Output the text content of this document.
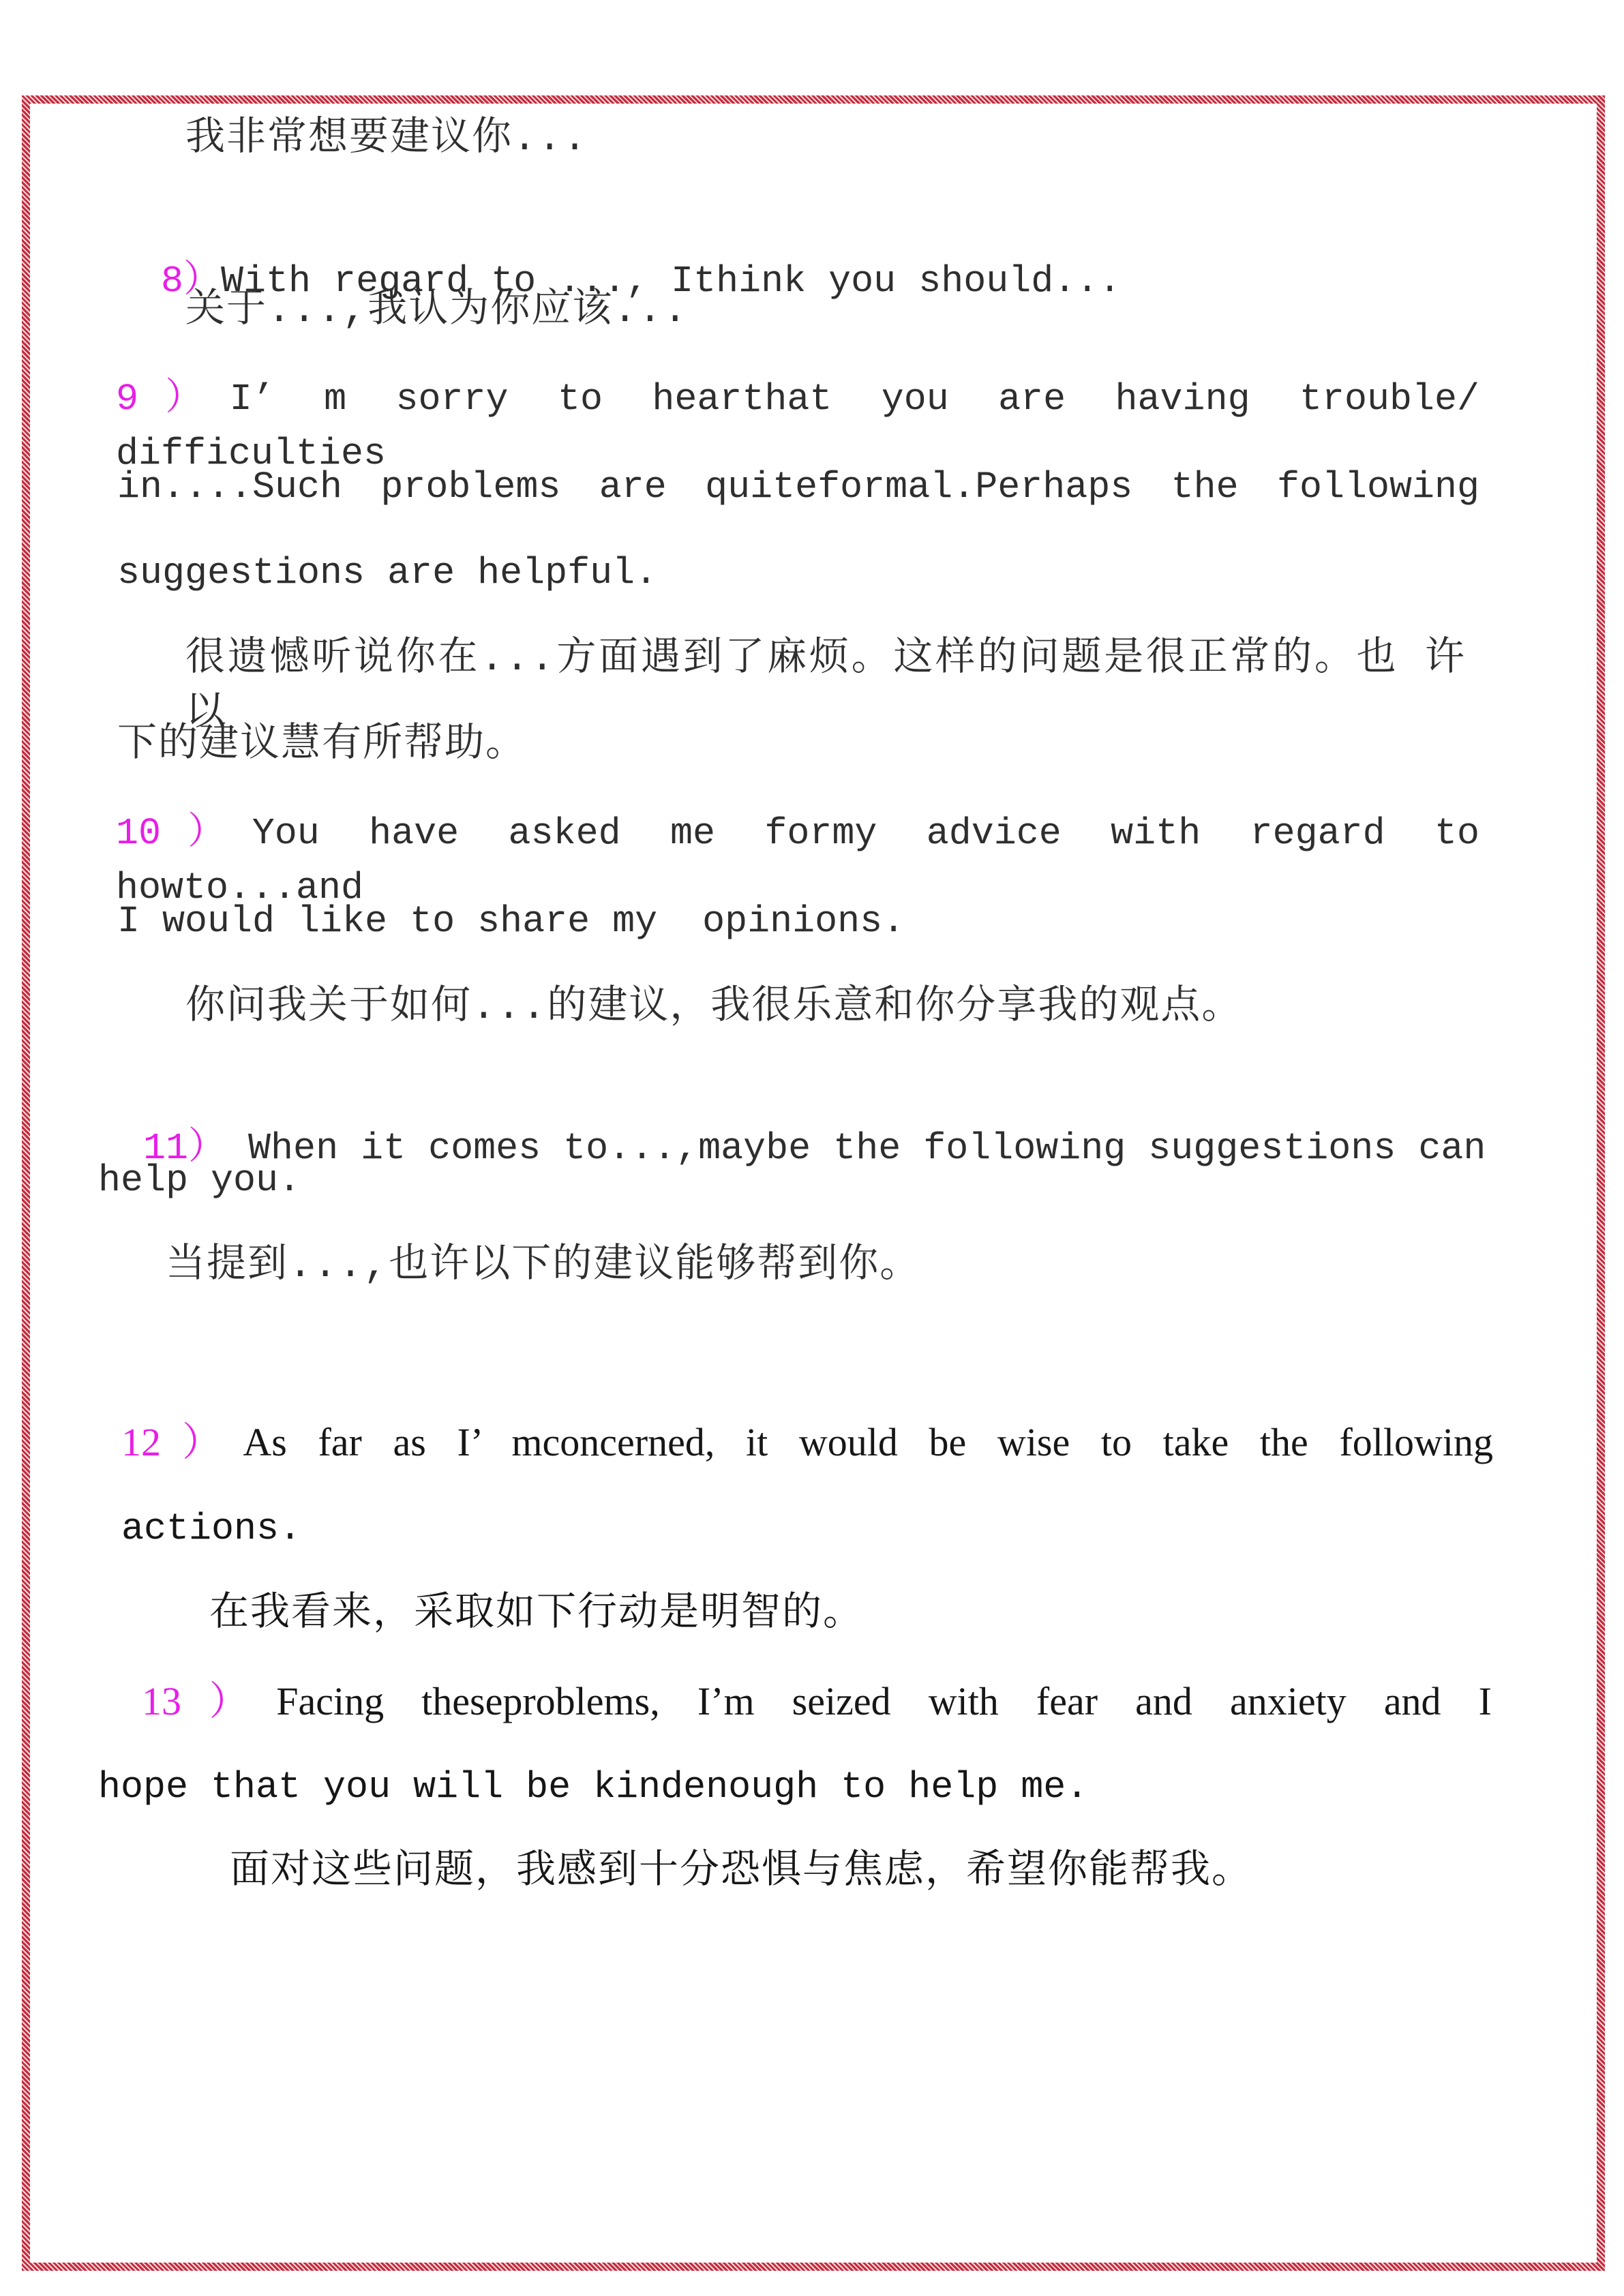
我非常想要建议你...

8）With regard to ..., Ithink you should...

关于...,我认为你应该...
9）I’ m sorry to hearthat you are having trouble/ difficulties
in....Such problems are quiteformal.Perhaps the following
suggestions are helpful.
很遗憾听说你在...方面遇到了麻烦。这样的问题是很正常的。也 许以
下的建议慧有所帮助。
10）You have asked me formy advice with regard to howto...and
I would like to share my  opinions.
你问我关于如何...的建议，我很乐意和你分享我的观点。

11） When it comes to...,maybe the following suggestions can

help you.
当提到...,也许以下的建议能够帮到你。
12）As far as I’ mconcerned, it would be wise to take the following
actions.
在我看来，采取如下行动是明智的。
13）Facing theseproblems, I’m seized with fear and anxiety and I
hope that you will be kindenough to help me.
面对这些问题，我感到十分恐惧与焦虑，希望你能帮我。
